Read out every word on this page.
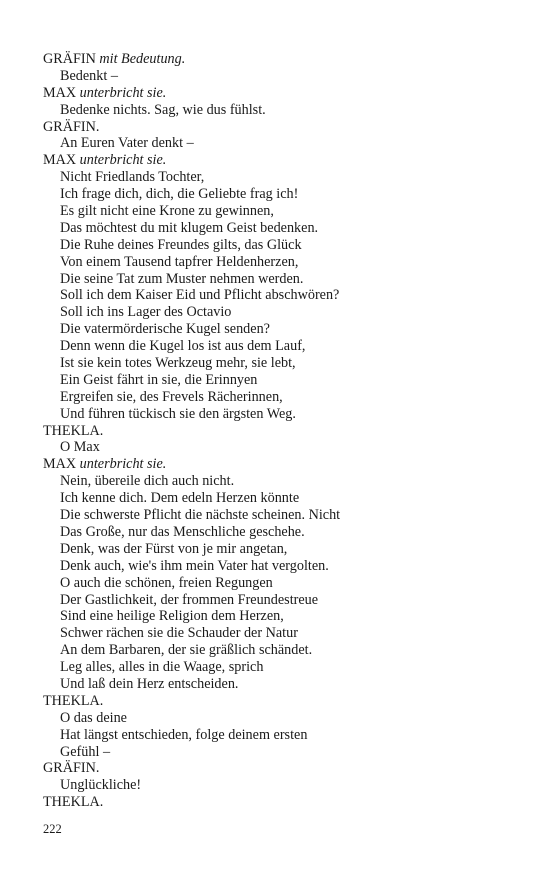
GRÄFIN mit Bedeutung.
Bedenkt –
MAX unterbricht sie.
Bedenke nichts. Sag, wie dus fühlst.
GRÄFIN.
An Euren Vater denkt –
MAX unterbricht sie.
Nicht Friedlands Tochter,
Ich frage dich, dich, die Geliebte frag ich!
Es gilt nicht eine Krone zu gewinnen,
Das möchtest du mit klugem Geist bedenken.
Die Ruhe deines Freundes gilts, das Glück
Von einem Tausend tapfrer Heldenherzen,
Die seine Tat zum Muster nehmen werden.
Soll ich dem Kaiser Eid und Pflicht abschwören?
Soll ich ins Lager des Octavio
Die vatermörderische Kugel senden?
Denn wenn die Kugel los ist aus dem Lauf,
Ist sie kein totes Werkzeug mehr, sie lebt,
Ein Geist fährt in sie, die Erinnyen
Ergreifen sie, des Frevels Rächerinnen,
Und führen tückisch sie den ärgsten Weg.
THEKLA.
O Max
MAX unterbricht sie.
Nein, übereile dich auch nicht.
Ich kenne dich. Dem edeln Herzen könnte
Die schwerste Pflicht die nächste scheinen. Nicht
Das Große, nur das Menschliche geschehe.
Denk, was der Fürst von je mir angetan,
Denk auch, wie's ihm mein Vater hat vergolten.
O auch die schönen, freien Regungen
Der Gastlichkeit, der frommen Freundestreue
Sind eine heilige Religion dem Herzen,
Schwer rächen sie die Schauder der Natur
An dem Barbaren, der sie gräßlich schändet.
Leg alles, alles in die Waage, sprich
Und laß dein Herz entscheiden.
THEKLA.
O das deine
Hat längst entschieden, folge deinem ersten
Gefühl –
GRÄFIN.
Unglückliche!
THEKLA.
222
